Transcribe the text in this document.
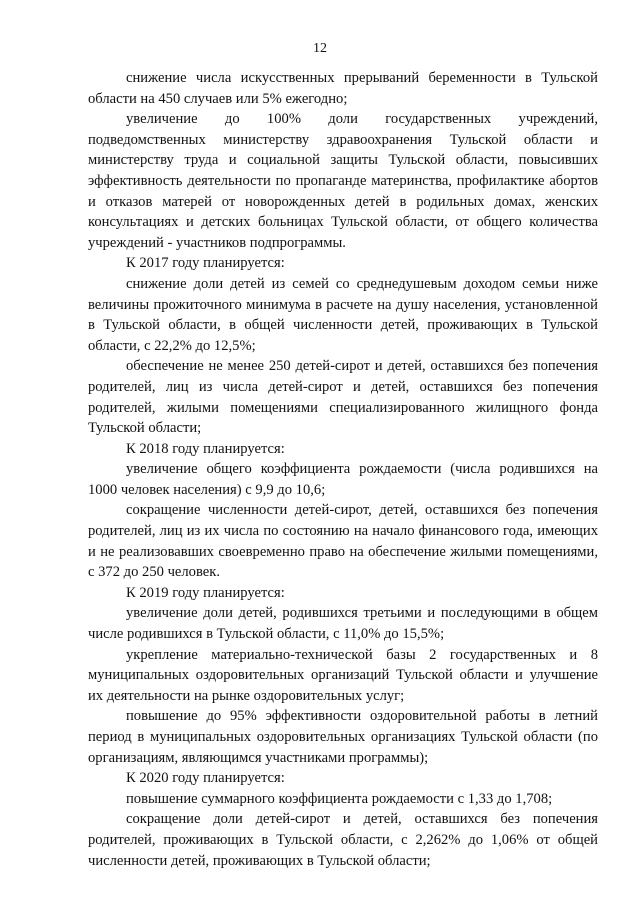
12

снижение числа искусственных прерываний беременности в Тульской области на 450 случаев или 5% ежегодно;

увеличение до 100% доли государственных учреждений, подведомственных министерству здравоохранения Тульской области и министерству труда и социальной защиты Тульской области, повысивших эффективность деятельности по пропаганде материнства, профилактике абортов и отказов матерей от новорожденных детей в родильных домах, женских консультациях и детских больницах Тульской области, от общего количества учреждений - участников подпрограммы.

К 2017 году планируется:

снижение доли детей из семей со среднедушевым доходом семьи ниже величины прожиточного минимума в расчете на душу населения, установленной в Тульской области, в общей численности детей, проживающих в Тульской области, с 22,2% до 12,5%;

обеспечение не менее 250 детей-сирот и детей, оставшихся без попечения родителей, лиц из числа детей-сирот и детей, оставшихся без попечения родителей, жилыми помещениями специализированного жилищного фонда Тульской области;

К 2018 году планируется:

увеличение общего коэффициента рождаемости (числа родившихся на 1000 человек населения) с 9,9 до 10,6;

сокращение численности детей-сирот, детей, оставшихся без попечения родителей, лиц из их числа по состоянию на начало финансового года, имеющих и не реализовавших своевременно право на обеспечение жилыми помещениями, с 372 до 250 человек.

К 2019 году планируется:

увеличение доли детей, родившихся третьими и последующими в общем числе родившихся в Тульской области, с 11,0% до 15,5%;

укрепление материально-технической базы 2 государственных и 8 муниципальных оздоровительных организаций Тульской области и улучшение их деятельности на рынке оздоровительных услуг;

повышение до 95% эффективности оздоровительной работы в летний период в муниципальных оздоровительных организациях Тульской области (по организациям, являющимся участниками программы);

К 2020 году планируется:

повышение суммарного коэффициента рождаемости с 1,33 до 1,708;

сокращение доли детей-сирот и детей, оставшихся без попечения родителей, проживающих в Тульской области, с 2,262% до 1,06% от общей численности детей, проживающих в Тульской области;
